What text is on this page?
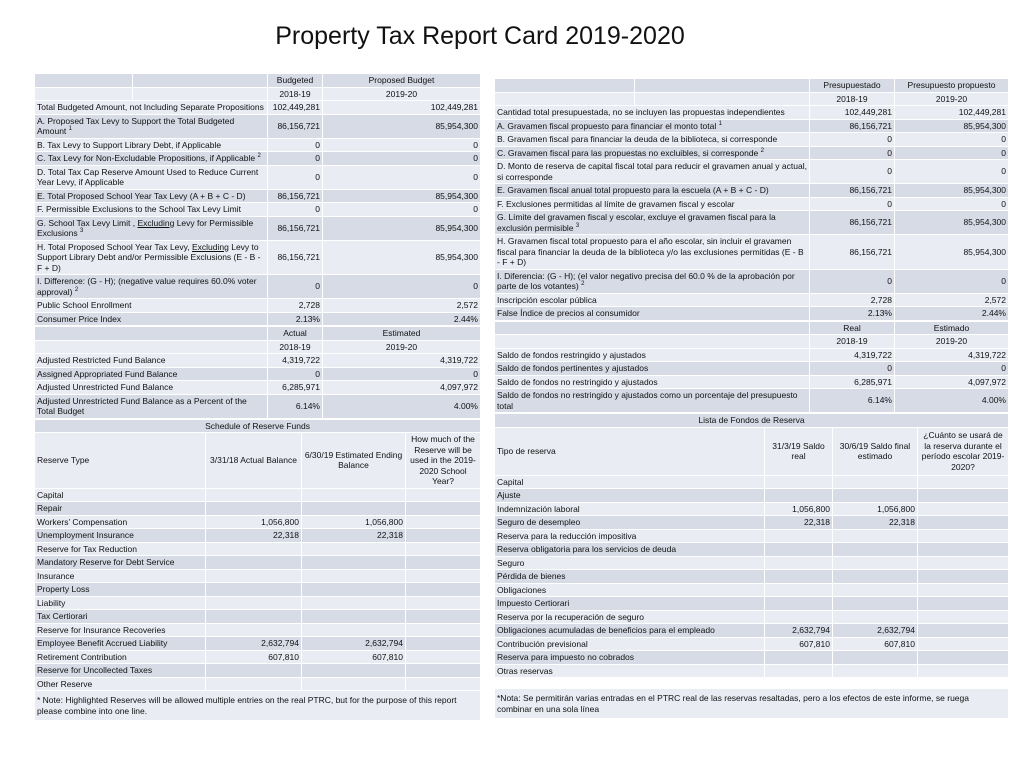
Property Tax Report Card 2019-2020
		Budgeted	Proposed Budget
		2018-19	2019-20
Total Budgeted Amount, not Including Separate Propositions		102,449,281	102,449,281
A. Proposed Tax Levy to Support the Total Budgeted Amount $^1$		86,156,721	85,954,300
B. Tax Levy to Support Library Debt, if Applicable		0	0
C. Tax Levy for Non-Excludable Propositions, if Applicable $^2$		0	0
D. Total Tax Cap Reserve Amount Used to Reduce Current Year Levy, if Applicable		0	0
E. Total Proposed School Year Tax Levy (A + B + C - D)		86,156,721	85,954,300
F. Permissible Exclusions to the School Tax Levy Limit		0	0
G. School Tax Levy Limit , Excluding Levy for Permissible Exclusions $^3$		86,156,721	85,954,300
H. Total Proposed School Year Tax Levy, Excluding Levy to Support Library Debt and/or Permissible Exclusions (E - B - F + D)		86,156,721	85,954,300
I. Difference: (G - H); (negative value requires 60.0% voter approval) $^2$		0	0
Public School Enrollment		2,728	2,572
Consumer Price Index		2.13%	2.44%
	Actual	Estimated
	2018-19	2019-20
Adjusted Restricted Fund Balance	4,319,722	4,319,722
Assigned Appropriated Fund Balance	0	0
Adjusted Unrestricted Fund Balance	6,285,971	4,097,972
Adjusted Unrestricted Fund Balance as a Percent of the Total Budget	6.14%	4.00%
Schedule of Reserve Funds			
Reserve Type	3/31/18 Actual Balance	6/30/19 Estimated Ending Balance	How much of the Reserve will be used in the 2019-2020 School Year?
Capital			
Repair			
Workers’ Compensation	1,056,800	1,056,800	
Unemployment Insurance	22,318	22,318	
Reserve for Tax Reduction			
Mandatory Reserve for Debt Service			
Insurance			
Property Loss			
Liability			
Tax Certiorari			
Reserve for Insurance Recoveries			
Employee Benefit Accrued Liability	2,632,794	2,632,794	
Retirement Contribution	607,810	607,810	
Reserve for Uncollected Taxes			
Other Reserve			
* Note: Highlighted Reserves will be allowed multiple entries on the real PTRC, but for the purpose of this report please combine into one line.			
		Presupuestado	Presupuesto propuesto
		2018-19	2019-20
Cantidad total presupuestada, no se incluyen las propuestas independientes		102,449,281	102,449,281
A. Gravamen fiscal propuesto para financiar el monto total $^1$		86,156,721	85,954,300
B. Gravamen fiscal para financiar la deuda de la biblioteca, si corresponde		0	0
C. Gravamen fiscal para las propuestas no excluibles, si corresponde $^2$		0	0
D. Monto de reserva de capital fiscal total para reducir el gravamen anual y actual, si corresponde		0	0
E. Gravamen fiscal anual total propuesto para la escuela (A + B + C - D)		86,156,721	85,954,300
F. Exclusiones permitidas al límite de gravamen fiscal y escolar		0	0
G. Límite del gravamen fiscal y escolar, excluye el gravamen fiscal para la exclusión permisible $^3$		86,156,721	85,954,300
H. Gravamen fiscal total propuesto para el año escolar, sin incluir el gravamen fiscal para financiar la deuda de la biblioteca y/o las exclusiones permitidas (E - B - F + D)		86,156,721	85,954,300
I. Diferencia: (G - H); (el valor negativo precisa del 60.0 % de la aprobación por parte de los votantes) $^2$		0	0
Inscripción escolar pública		2,728	2,572
False Índice de precios al consumidor		2.13%	2.44%
	Real	Estimado
	2018-19	2019-20
Saldo de fondos restringido y ajustados	4,319,722	4,319,722
Saldo de fondos pertinentes y ajustados	0	0
Saldo de fondos no restringido y ajustados	6,285,971	4,097,972
Saldo de fondos no restringido y ajustados como un porcentaje del presupuesto total	6.14%	4.00%
Lista de Fondos de Reserva			
Tipo de reserva	31/3/19 Saldo real	30/6/19 Saldo final estimado	¿Cuánto se usará de la reserva durante el período escolar 2019-2020?
Capital			
Ajuste			
Indemnización laboral	1,056,800	1,056,800	
Seguro de desempleo	22,318	22,318	
Reserva para la reducción impositiva			
Reserva obligatoria para los servicios de deuda			
Seguro			
Pérdida de bienes			
Obligaciones			
Impuesto Certiorari			
Reserva por la recuperación de seguro			
Obligaciones acumuladas de beneficios para el empleado	2,632,794	2,632,794	
Contribución previsional	607,810	607,810	
Reserva para impuesto no cobrados			
Otras reservas			

*Nota: Se permitirán varias entradas en el PTRC real de las reservas resaltadas, pero a los efectos de este informe, se ruega combinar en una sola línea			
